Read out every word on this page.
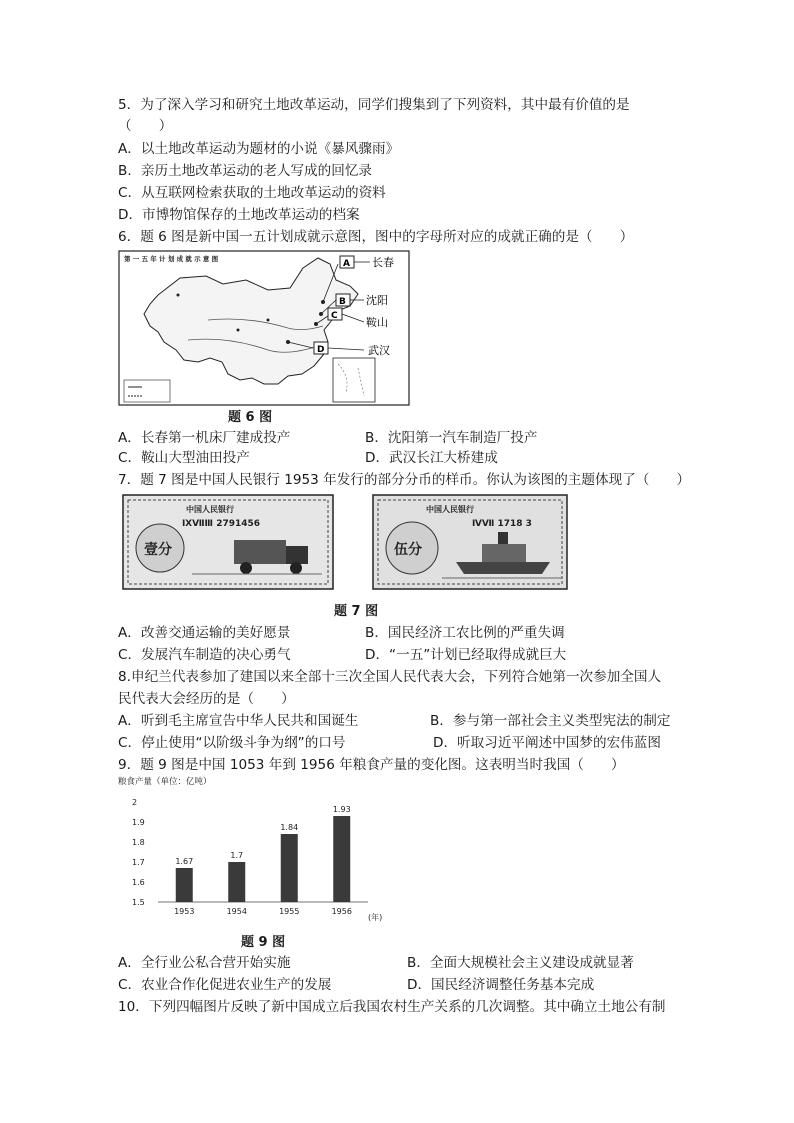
5．为了深入学习和研究土地改革运动，同学们搜集到了下列资料，其中最有价值的是
（　　）
A．以土地改革运动为题材的小说《暴风骤雨》
B．亲历土地改革运动的老人写成的回忆录
C．从互联网检索获取的土地改革运动的资料
D．市博物馆保存的土地改革运动的档案
6．题 6 图是新中国一五计划成就示意图，图中的字母所对应的成就正确的是（　　）
第 一 五 年 计 划 成 就 示 意 图	A
B
C
D
长春
沈阳
鞍山
武汉
题 6 图
A．长春第一机床厂建成投产	B．沈阳第一汽车制造厂投产
C．鞍山大型油田投产	D．武汉长江大桥建成
7．题 7 图是中国人民银行 1953 年发行的部分分币的样币。你认为该图的主题体现了（　　）
中国人民银行
ⅨⅦⅢ 2791456
壹分
中国人民银行
ⅣⅦ 1718 3
伍分
题 7 图
A．改善交通运输的美好愿景	B．国民经济工农比例的严重失调
C．发展汽车制造的决心勇气	D．“一五”计划已经取得成就巨大
8.申纪兰代表参加了建国以来全部十三次全国人民代表大会，下列符合她第一次参加全国人
民代表大会经历的是（　　）
A．听到毛主席宣告中华人民共和国诞生	B．参与第一部社会主义类型宪法的制定
C．停止使用“以阶级斗争为纲”的口号	D．听取习近平阐述中国梦的宏伟蓝图
9．题 9 图是中国 1053 年到 1956 年粮食产量的变化图。这表明当时我国（　　）
粮食产量（单位：亿吨）
(年)
2
1.9
1.8
1.7
1.6
1.5
1.67
1953
1.7
1954
1.84
1955
1.93
1956
题 9 图
A．全行业公私合营开始实施	B．全面大规模社会主义建设成就显著
C．农业合作化促进农业生产的发展	D．国民经济调整任务基本完成
10．下列四幅图片反映了新中国成立后我国农村生产关系的几次调整。其中确立土地公有制
